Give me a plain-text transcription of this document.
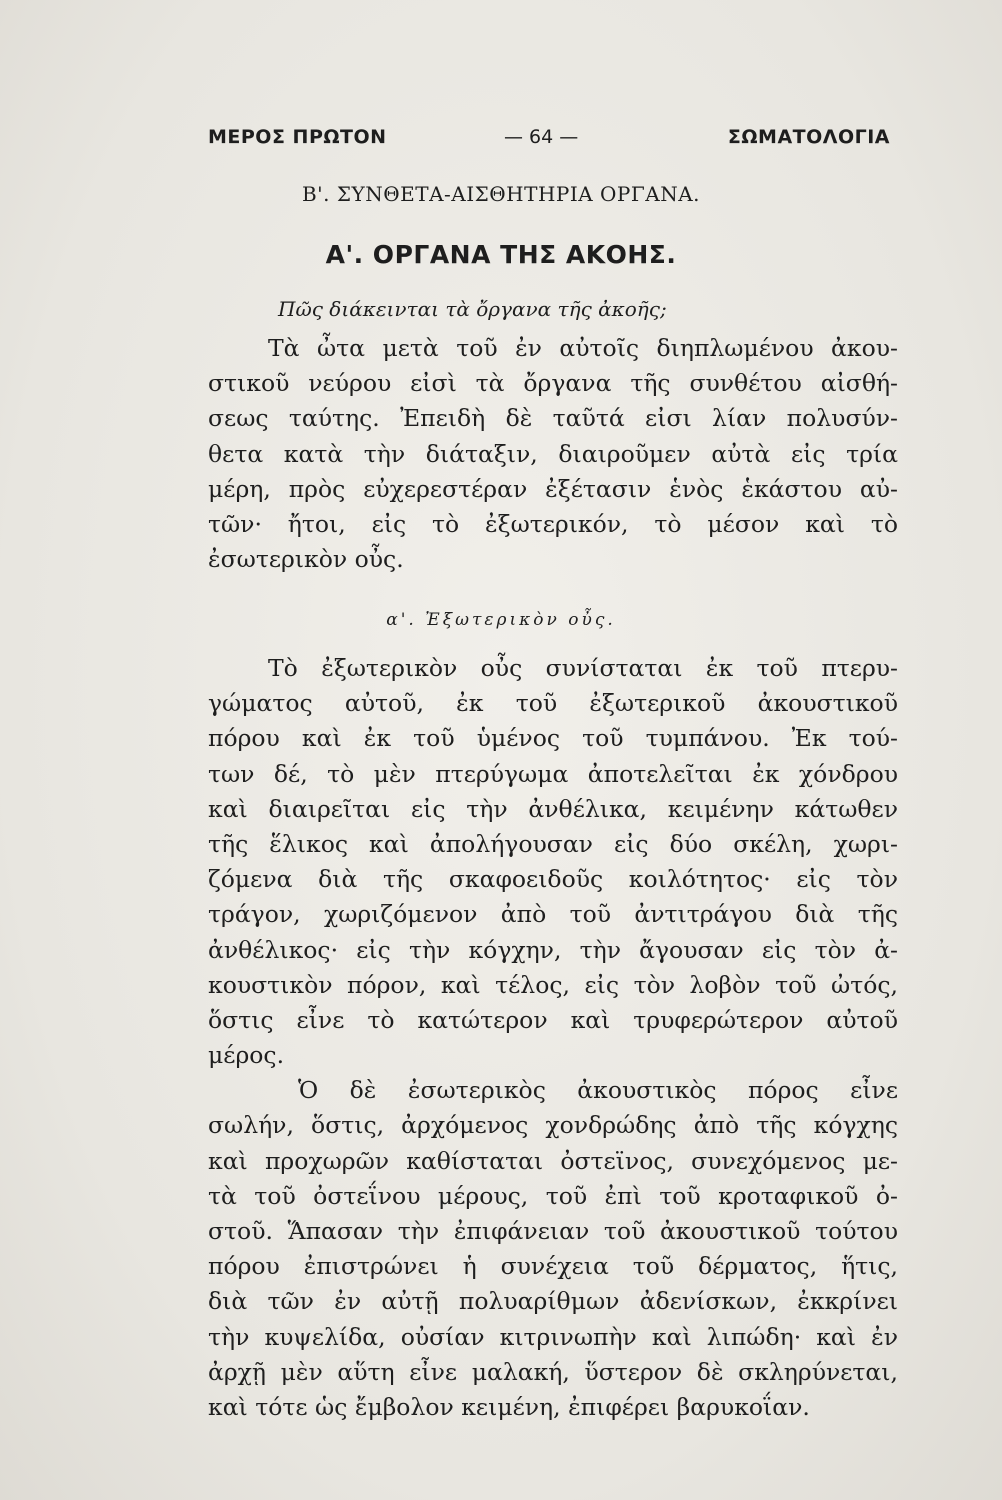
ΜΕΡΟΣ ΠΡΩΤΟΝ	— 64 —	ΣΩΜΑΤΟΛΟΓΙΑ
Β'. ΣΥΝΘΕΤΑ-ΑΙΣΘΗΤΗΡΙΑ ΟΡΓΑΝΑ.
Α'. ΟΡΓΑΝΑ ΤΗΣ ΑΚΟΗΣ.
Πῶς διάκεινται τὰ ὄργανα τῆς ἀκοῆς;
Τὰ ὦτα μετὰ τοῦ ἐν αὐτοῖς διηπλωμένου ἀκου-
στικοῦ νεύρου εἰσὶ τὰ ὄργανα τῆς συνθέτου αἰσθή-
σεως ταύτης. Ἐπειδὴ δὲ ταῦτά εἰσι λίαν πολυσύν-
θετα κατὰ τὴν διάταξιν, διαιροῦμεν αὐτὰ εἰς τρία
μέρη, πρὸς εὐχερεστέραν ἐξέτασιν ἑνὸς ἑκάστου αὐ-
τῶν· ἤτοι, εἰς τὸ ἐξωτερικόν, τὸ μέσον καὶ τὸ
ἐσωτερικὸν οὖς.
α'. Ἐξωτερικὸν οὖς.
Τὸ ἐξωτερικὸν οὖς συνίσταται ἐκ τοῦ πτερυ-
γώματος αὐτοῦ, ἐκ τοῦ ἐξωτερικοῦ ἀκουστικοῦ
πόρου καὶ ἐκ τοῦ ὑμένος τοῦ τυμπάνου. Ἐκ τού-
των δέ, τὸ μὲν πτερύγωμα ἀποτελεῖται ἐκ χόνδρου
καὶ διαιρεῖται εἰς τὴν ἀνθέλικα, κειμένην κάτωθεν
τῆς ἕλικος καὶ ἀπολήγουσαν εἰς δύο σκέλη, χωρι-
ζόμενα διὰ τῆς σκαφοειδοῦς κοιλότητος· εἰς τὸν
τράγον, χωριζόμενον ἀπὸ τοῦ ἀντιτράγου διὰ τῆς
ἀνθέλικος· εἰς τὴν κόγχην, τὴν ἄγουσαν εἰς τὸν ἀ-
κουστικὸν πόρον, καὶ τέλος, εἰς τὸν λοβὸν τοῦ ὠτός,
ὅστις εἶνε τὸ κατώτερον καὶ τρυφερώτερον αὐτοῦ
μέρος.
Ὁ δὲ ἐσωτερικὸς ἀκουστικὸς πόρος εἶνε
σωλήν, ὅστις, ἀρχόμενος χονδρώδης ἀπὸ τῆς κόγχης
καὶ προχωρῶν καθίσταται ὀστεϊνος, συνεχόμενος με-
τὰ τοῦ ὀστεΐνου μέρους, τοῦ ἐπὶ τοῦ κροταφικοῦ ὀ-
στοῦ. Ἅπασαν τὴν ἐπιφάνειαν τοῦ ἀκουστικοῦ τούτου
πόρου ἐπιστρώνει ἡ συνέχεια τοῦ δέρματος, ἥτις,
διὰ τῶν ἐν αὐτῇ πολυαρίθμων ἀδενίσκων, ἐκκρίνει
τὴν κυψελίδα, οὐσίαν κιτρινωπὴν καὶ λιπώδη· καὶ ἐν
ἀρχῇ μὲν αὕτη εἶνε μαλακή, ὕστερον δὲ σκληρύνεται,
καὶ τότε ὡς ἔμβολον κειμένη, ἐπιφέρει βαρυκοΐαν.
